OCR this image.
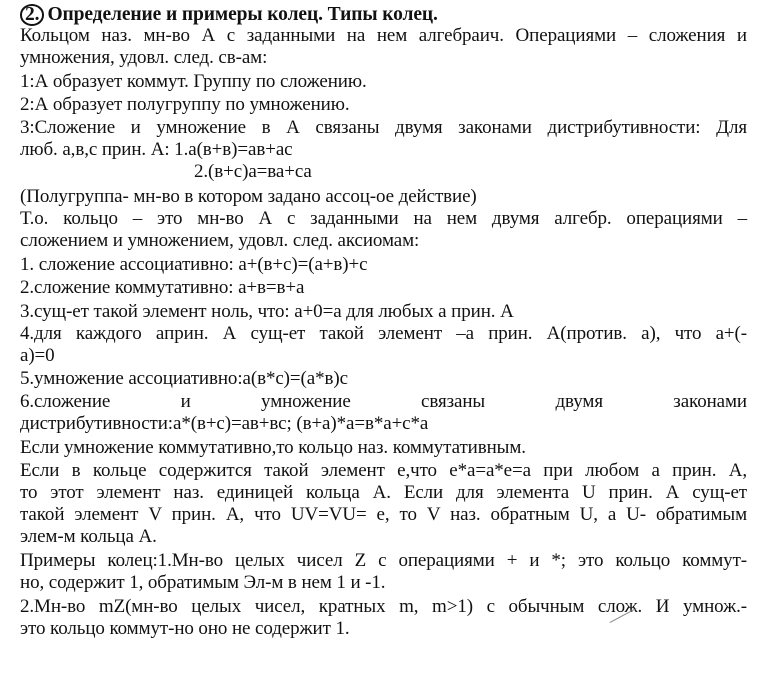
2. Определение и примеры колец. Типы колец.
Кольцом наз. мн-во А с заданными на нем алгебраич. Операциями – сложения и
умножения, удовл. след. св-ам:
1:А образует коммут. Группу по сложению.
2:А образует полугруппу по умножению.
3:Сложение и умножение в А связаны двумя законами дистрибутивности: Для
люб. а,в,с прин. А: 1.а(в+в)=ав+ас
2.(в+с)а=ва+са
(Полугруппа- мн-во в котором задано ассоц-ое действие)
Т.о. кольцо – это мн-во А с заданными на нем двумя алгебр. операциями –
сложением и умножением, удовл. след. аксиомам:
1. сложение ассоциативно: а+(в+с)=(а+в)+с
2.сложение коммутативно: а+в=в+а
3.сущ-ет такой элемент ноль, что: а+0=а для любых а прин. А
4.для каждого aприн. А сущ-ет такой элемент –а прин. А(против. а), что а+(-
а)=0
5.умножение ассоциативно:а(в*с)=(а*в)с
6.сложение и умножение связаны двумя законами
дистрибутивности:а*(в+с)=ав+вс; (в+а)*а=в*а+с*а
Если умножение коммутативно,то кольцо наз. коммутативным.
Если в кольце содержится такой элемент е,что е*а=а*е=а при любом а прин. А,
то этот элемент наз. единицей кольца А. Если для элемента U прин. А сущ-ет
такой элемент V прин. А, что UV=VU= е, то V наз. обратным U, а U- обратимым
элем-м кольца А.
Примеры колец:1.Мн-во целых чисел Z с операциями + и *; это кольцо коммут-
но, содержит 1, обратимым Эл-м в нем 1 и -1.
2.Мн-во mZ(мн-во целых чисел, кратных m, m>1) с обычным слож. И умнож.-
это кольцо коммут-но оно не содержит 1.
